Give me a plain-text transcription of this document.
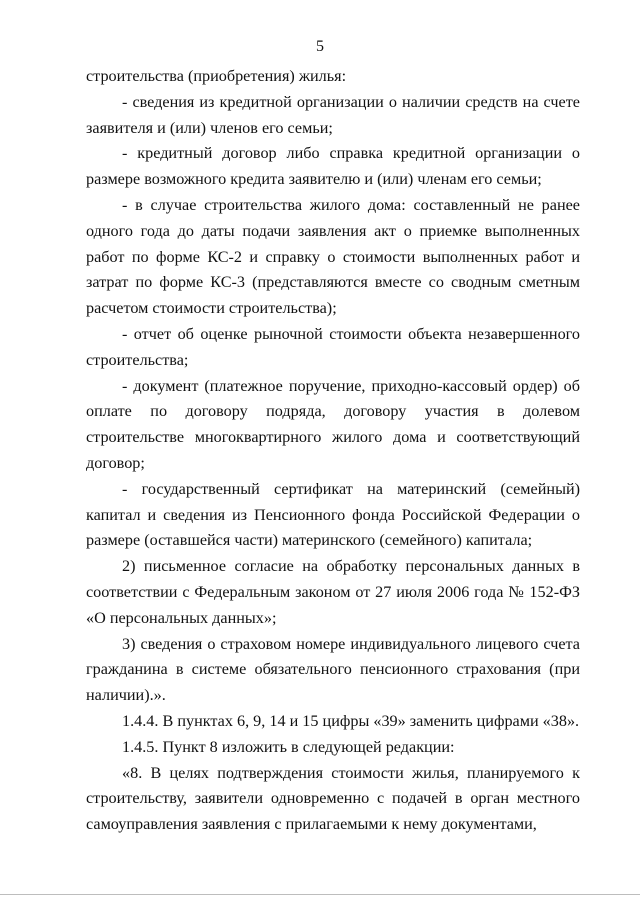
5

строительства (приобретения) жилья:

- сведения из кредитной организации о наличии средств на счете заявителя и (или) членов его семьи;

- кредитный договор либо справка кредитной организации о размере возможного кредита заявителю и (или) членам его семьи;

- в случае строительства жилого дома: составленный не ранее одного года до даты подачи заявления акт о приемке выполненных работ по форме КС-2 и справку о стоимости выполненных работ и затрат по форме КС-3 (представляются вместе со сводным сметным расчетом стоимости строительства);

- отчет об оценке рыночной стоимости объекта незавершенного строительства;

- документ (платежное поручение, приходно-кассовый ордер) об оплате по договору подряда, договору участия в долевом строительстве многоквартирного жилого дома и соответствующий договор;

- государственный сертификат на материнский (семейный) капитал и сведения из Пенсионного фонда Российской Федерации о размере (оставшейся части) материнского (семейного) капитала;

2) письменное согласие на обработку персональных данных в соответствии с Федеральным законом от 27 июля 2006 года № 152-ФЗ «О персональных данных»;

3) сведения о страховом номере индивидуального лицевого счета гражданина в системе обязательного пенсионного страхования (при наличии).».

1.4.4. В пунктах 6, 9, 14 и 15 цифры «39» заменить цифрами «38».

1.4.5. Пункт 8 изложить в следующей редакции:

«8. В целях подтверждения стоимости жилья, планируемого к строительству, заявители одновременно с подачей в орган местного самоуправления заявления с прилагаемыми к нему документами,
